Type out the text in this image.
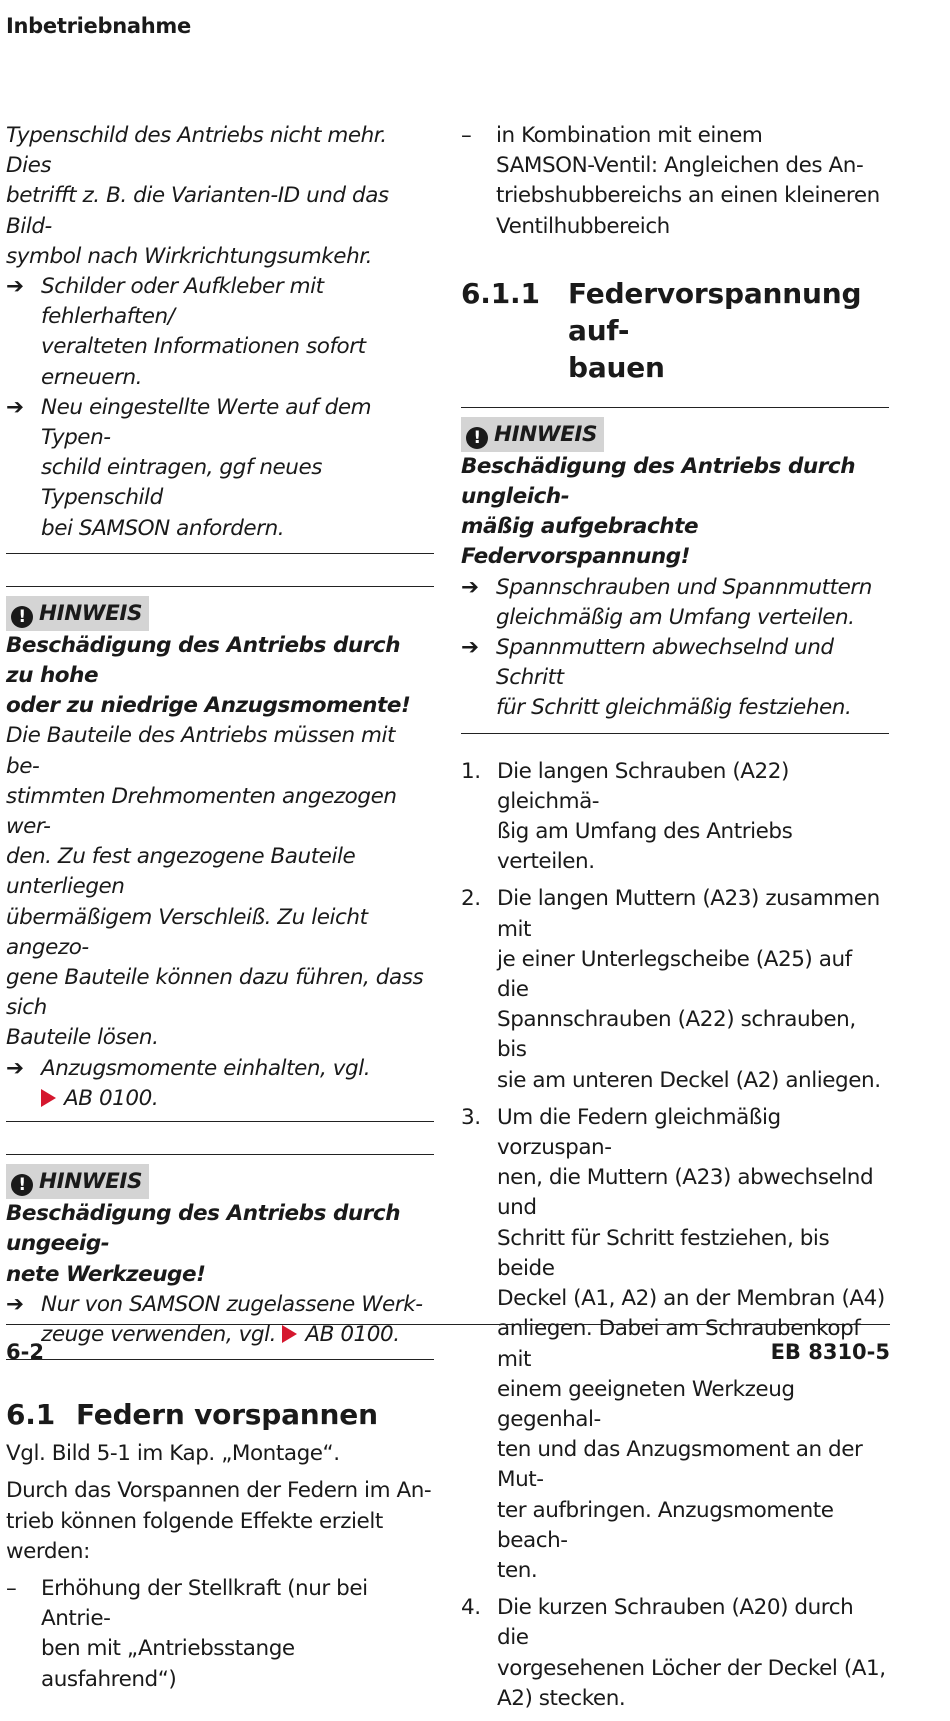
Inbetriebnahme

Typenschild des Antriebs nicht mehr. Dies

betrifft z. B. die Varianten-ID und das Bild-

symbol nach Wirkrichtungsumkehr.

➔ Schilder oder Aufkleber mit fehlerhaften/

veralteten Informationen sofort erneuern.

➔ Neu eingestellte Werte auf dem Typen-

schild eintragen, ggf neues Typenschild

bei SAMSON anfordern.

! HINWEIS

Beschädigung des Antriebs durch zu hohe

oder zu niedrige Anzugsmomente!

Die Bauteile des Antriebs müssen mit be-

stimmten Drehmomenten angezogen wer-

den. Zu fest angezogene Bauteile unterliegen

übermäßigem Verschleiß. Zu leicht angezo-

gene Bauteile können dazu führen, dass sich

Bauteile lösen.

➔ Anzugsmomente einhalten, vgl.

AB 0100.

! HINWEIS

Beschädigung des Antriebs durch ungeeig-

nete Werkzeuge!

➔ Nur von SAMSON zugelassene Werk-

zeuge verwenden, vgl. AB 0100.

6.1 Federn vorspannen

Vgl. Bild 5-1 im Kap. „Montage“.

Durch das Vorspannen der Federn im An-

trieb können folgende Effekte erzielt werden:

– Erhöhung der Stellkraft (nur bei Antrie-

ben mit „Antriebsstange ausfahrend“)

– in Kombination mit einem

SAMSON-Ventil: Angleichen des An-

triebshubbereichs an einen kleineren

Ventilhubbereich

6.1.1	Federvorspannung auf-
bauen
! HINWEIS

Beschädigung des Antriebs durch ungleich-

mäßig aufgebrachte Federvorspannung!

➔ Spannschrauben und Spannmuttern

gleichmäßig am Umfang verteilen.

➔ Spannmuttern abwechselnd und Schritt

für Schritt gleichmäßig festziehen.

1. Die langen Schrauben (A22) gleichmä-

ßig am Umfang des Antriebs verteilen.

2. Die langen Muttern (A23) zusammen mit

je einer Unterlegscheibe (A25) auf die

Spannschrauben (A22) schrauben, bis

sie am unteren Deckel (A2) anliegen.

3. Um die Federn gleichmäßig vorzuspan-

nen, die Muttern (A23) abwechselnd und

Schritt für Schritt festziehen, bis beide

Deckel (A1, A2) an der Membran (A4)

anliegen. Dabei am Schraubenkopf mit

einem geeigneten Werkzeug gegenhal-

ten und das Anzugsmoment an der Mut-

ter aufbringen. Anzugsmomente beach-

ten.

4. Die kurzen Schrauben (A20) durch die

vorgesehenen Löcher der Deckel (A1,

A2) stecken.

6-2	EB 8310-5
